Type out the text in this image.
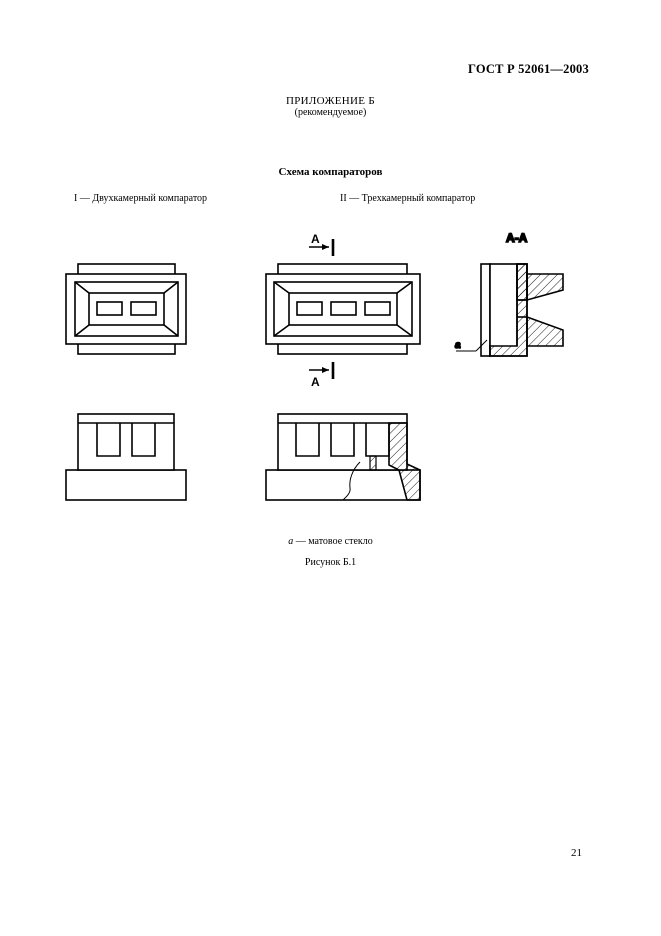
ГОСТ Р 52061—2003
ПРИЛОЖЕНИЕ Б
(рекомендуемое)
Схема компараторов
I — Двухкамерный компаратор	II — Трехкамерный компаратор
А
А
А-А
а
а — матовое стекло
Рисунок Б.1
21
